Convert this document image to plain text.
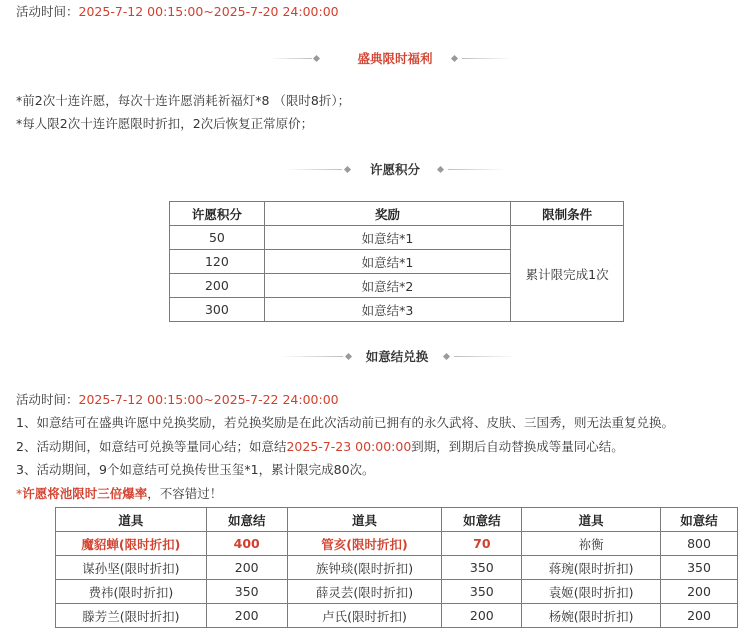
活动时间：2025-7-12 00:15:00~2025-7-20 24:00:00
盛典限时福利
*前2次十连许愿，每次十连许愿消耗祈福灯*8 （限时8折）；
*每人限2次十连许愿限时折扣，2次后恢复正常原价；
许愿积分
许愿积分	奖励	限制条件
50	如意结*1	累计限完成1次
120	如意结*1	
200	如意结*2	
300	如意结*3	
如意结兑换
活动时间：2025-7-12 00:15:00~2025-7-22 24:00:00
1、如意结可在盛典许愿中兑换奖励，若兑换奖励是在此次活动前已拥有的永久武将、皮肤、三国秀，则无法重复兑换。
2、活动期间，如意结可兑换等量同心结；如意结2025-7-23 00:00:00到期，到期后自动替换成等量同心结。
3、活动期间，9个如意结可兑换传世玉玺*1，累计限完成80次。
*许愿将池限时三倍爆率，不容错过！
道具	如意结	道具	如意结	道具	如意结
魔貂蝉(限时折扣)	400	管亥(限时折扣)	70	祢衡	800
谋孙坚(限时折扣)	200	族钟琰(限时折扣)	350	蒋琬(限时折扣)	350
费祎(限时折扣)	350	薛灵芸(限时折扣)	350	袁姬(限时折扣)	200
滕芳兰(限时折扣)	200	卢氏(限时折扣)	200	杨婉(限时折扣)	200
